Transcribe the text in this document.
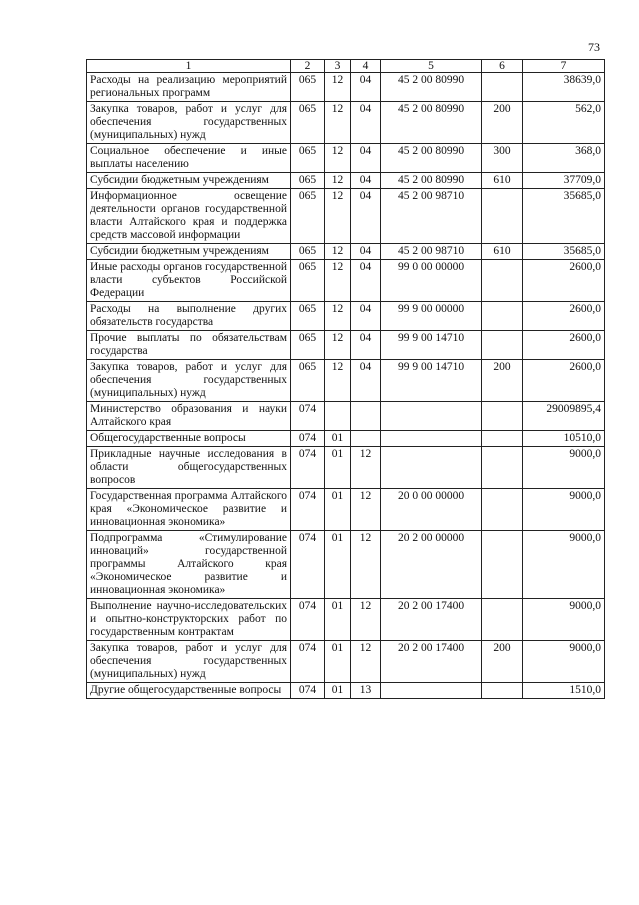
73
1	2	3	4	5	6	7
Расходы на реализацию мероприятий региональных программ	065	12	04	45 2 00 80990		38639,0
Закупка товаров, работ и услуг для обеспечения государственных (муниципальных) нужд	065	12	04	45 2 00 80990	200	562,0
Социальное обеспечение и иные выплаты населению	065	12	04	45 2 00 80990	300	368,0
Субсидии бюджетным учреждениям	065	12	04	45 2 00 80990	610	37709,0
Информационное освещение деятельности органов государственной власти Алтайского края и поддержка средств массовой информации	065	12	04	45 2 00 98710		35685,0
Субсидии бюджетным учреждениям	065	12	04	45 2 00 98710	610	35685,0
Иные расходы органов государственной власти субъектов Российской Федерации	065	12	04	99 0 00 00000		2600,0
Расходы на выполнение других обязательств государства	065	12	04	99 9 00 00000		2600,0
Прочие выплаты по обязательствам государства	065	12	04	99 9 00 14710		2600,0
Закупка товаров, работ и услуг для обеспечения государственных (муниципальных) нужд	065	12	04	99 9 00 14710	200	2600,0
Министерство образования и науки Алтайского края	074					29009895,4
Общегосударственные вопросы	074	01				10510,0
Прикладные научные исследования в области общегосударственных вопросов	074	01	12			9000,0
Государственная программа Алтайского края «Экономическое развитие и инновационная экономика»	074	01	12	20 0 00 00000		9000,0
Подпрограмма «Стимулирование инноваций» государственной программы Алтайского края «Экономическое развитие и инновационная экономика»	074	01	12	20 2 00 00000		9000,0
Выполнение научно-исследовательских и опытно-конструкторских работ по государственным контрактам	074	01	12	20 2 00 17400		9000,0
Закупка товаров, работ и услуг для обеспечения государственных (муниципальных) нужд	074	01	12	20 2 00 17400	200	9000,0
Другие общегосударственные вопросы	074	01	13			1510,0
